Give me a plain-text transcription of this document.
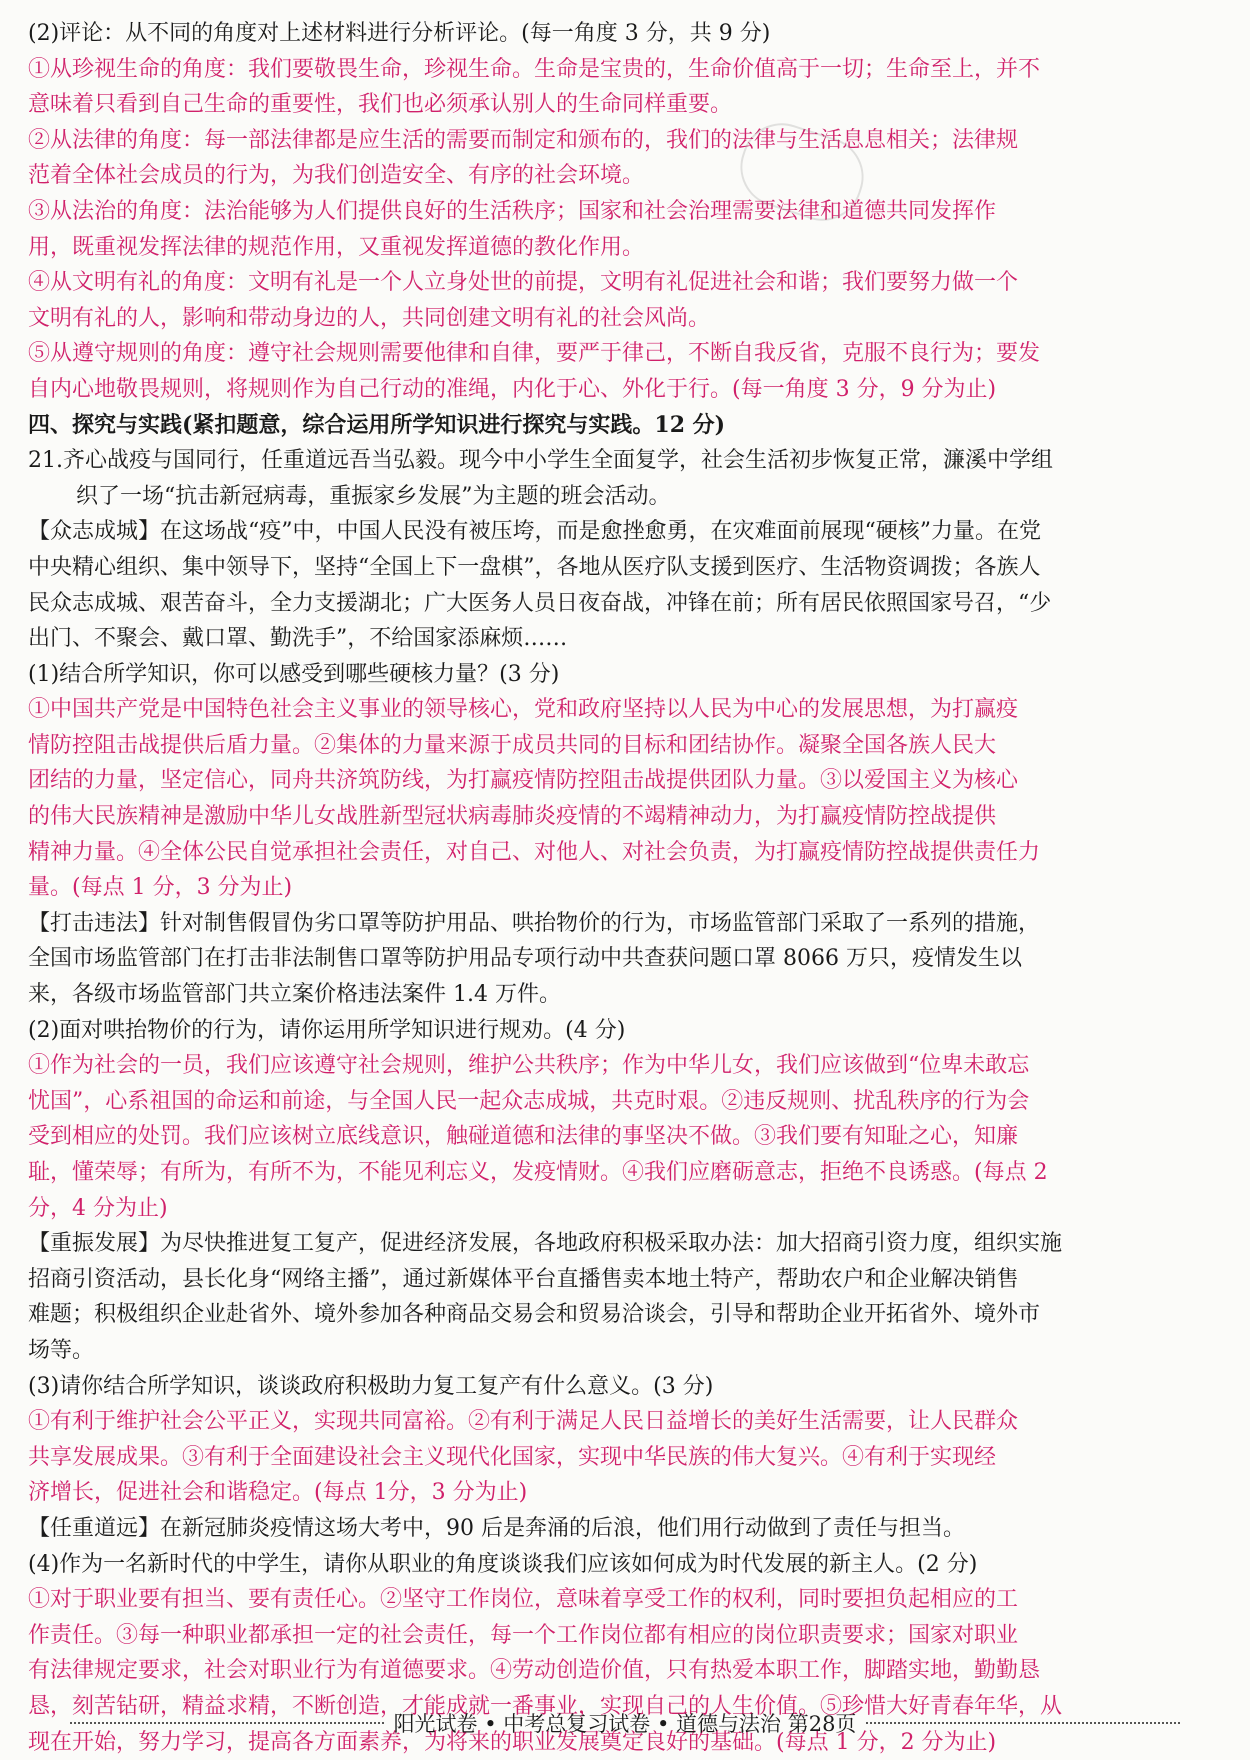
(2)评论：从不同的角度对上述材料进行分析评论。(每一角度 3 分，共 9 分)
①从珍视生命的角度：我们要敬畏生命，珍视生命。生命是宝贵的，生命价值高于一切；生命至上，并不
意味着只看到自己生命的重要性，我们也必须承认别人的生命同样重要。
②从法律的角度：每一部法律都是应生活的需要而制定和颁布的，我们的法律与生活息息相关；法律规
范着全体社会成员的行为，为我们创造安全、有序的社会环境。
③从法治的角度：法治能够为人们提供良好的生活秩序；国家和社会治理需要法律和道德共同发挥作
用，既重视发挥法律的规范作用，又重视发挥道德的教化作用。
④从文明有礼的角度：文明有礼是一个人立身处世的前提，文明有礼促进社会和谐；我们要努力做一个
文明有礼的人，影响和带动身边的人，共同创建文明有礼的社会风尚。
⑤从遵守规则的角度：遵守社会规则需要他律和自律，要严于律己，不断自我反省，克服不良行为；要发
自内心地敬畏规则，将规则作为自己行动的准绳，内化于心、外化于行。(每一角度 3 分，9 分为止)
四、探究与实践(紧扣题意，综合运用所学知识进行探究与实践。12 分)
21.齐心战疫与国同行，任重道远吾当弘毅。现今中小学生全面复学，社会生活初步恢复正常，濂溪中学组
织了一场“抗击新冠病毒，重振家乡发展”为主题的班会活动。
【众志成城】在这场战“疫”中，中国人民没有被压垮，而是愈挫愈勇，在灾难面前展现“硬核”力量。在党
中央精心组织、集中领导下，坚持“全国上下一盘棋”，各地从医疗队支援到医疗、生活物资调拨；各族人
民众志成城、艰苦奋斗，全力支援湖北；广大医务人员日夜奋战，冲锋在前；所有居民依照国家号召，“少
出门、不聚会、戴口罩、勤洗手”，不给国家添麻烦……
(1)结合所学知识，你可以感受到哪些硬核力量？(3 分)
①中国共产党是中国特色社会主义事业的领导核心，党和政府坚持以人民为中心的发展思想，为打赢疫
情防控阻击战提供后盾力量。②集体的力量来源于成员共同的目标和团结协作。凝聚全国各族人民大
团结的力量，坚定信心，同舟共济筑防线，为打赢疫情防控阻击战提供团队力量。③以爱国主义为核心
的伟大民族精神是激励中华儿女战胜新型冠状病毒肺炎疫情的不竭精神动力，为打赢疫情防控战提供
精神力量。④全体公民自觉承担社会责任，对自己、对他人、对社会负责，为打赢疫情防控战提供责任力
量。(每点 1 分，3 分为止)
【打击违法】针对制售假冒伪劣口罩等防护用品、哄抬物价的行为，市场监管部门采取了一系列的措施，
全国市场监管部门在打击非法制售口罩等防护用品专项行动中共查获问题口罩 8066 万只，疫情发生以
来，各级市场监管部门共立案价格违法案件 1.4 万件。
(2)面对哄抬物价的行为，请你运用所学知识进行规劝。(4 分)
①作为社会的一员，我们应该遵守社会规则，维护公共秩序；作为中华儿女，我们应该做到“位卑未敢忘
忧国”，心系祖国的命运和前途，与全国人民一起众志成城，共克时艰。②违反规则、扰乱秩序的行为会
受到相应的处罚。我们应该树立底线意识，触碰道德和法律的事坚决不做。③我们要有知耻之心，知廉
耻，懂荣辱；有所为，有所不为，不能见利忘义，发疫情财。④我们应磨砺意志，拒绝不良诱惑。(每点 2
分，4 分为止)
【重振发展】为尽快推进复工复产，促进经济发展，各地政府积极采取办法：加大招商引资力度，组织实施
招商引资活动，县长化身“网络主播”，通过新媒体平台直播售卖本地土特产，帮助农户和企业解决销售
难题；积极组织企业赴省外、境外参加各种商品交易会和贸易洽谈会，引导和帮助企业开拓省外、境外市
场等。
(3)请你结合所学知识，谈谈政府积极助力复工复产有什么意义。(3 分)
①有利于维护社会公平正义，实现共同富裕。②有利于满足人民日益增长的美好生活需要，让人民群众
共享发展成果。③有利于全面建设社会主义现代化国家，实现中华民族的伟大复兴。④有利于实现经
济增长，促进社会和谐稳定。(每点 1分，3 分为止)
【任重道远】在新冠肺炎疫情这场大考中，90 后是奔涌的后浪，他们用行动做到了责任与担当。
(4)作为一名新时代的中学生，请你从职业的角度谈谈我们应该如何成为时代发展的新主人。(2 分)
①对于职业要有担当、要有责任心。②坚守工作岗位，意味着享受工作的权利，同时要担负起相应的工
作责任。③每一种职业都承担一定的社会责任，每一个工作岗位都有相应的岗位职责要求；国家对职业
有法律规定要求，社会对职业行为有道德要求。④劳动创造价值，只有热爱本职工作，脚踏实地，勤勤恳
恳，刻苦钻研，精益求精，不断创造，才能成就一番事业，实现自己的人生价值。⑤珍惜大好青春年华，从
现在开始，努力学习，提高各方面素养，为将来的职业发展奠定良好的基础。(每点 1 分，2 分为止)
阳光试卷 • 中考总复习试卷 • 道德与法治 第28页
